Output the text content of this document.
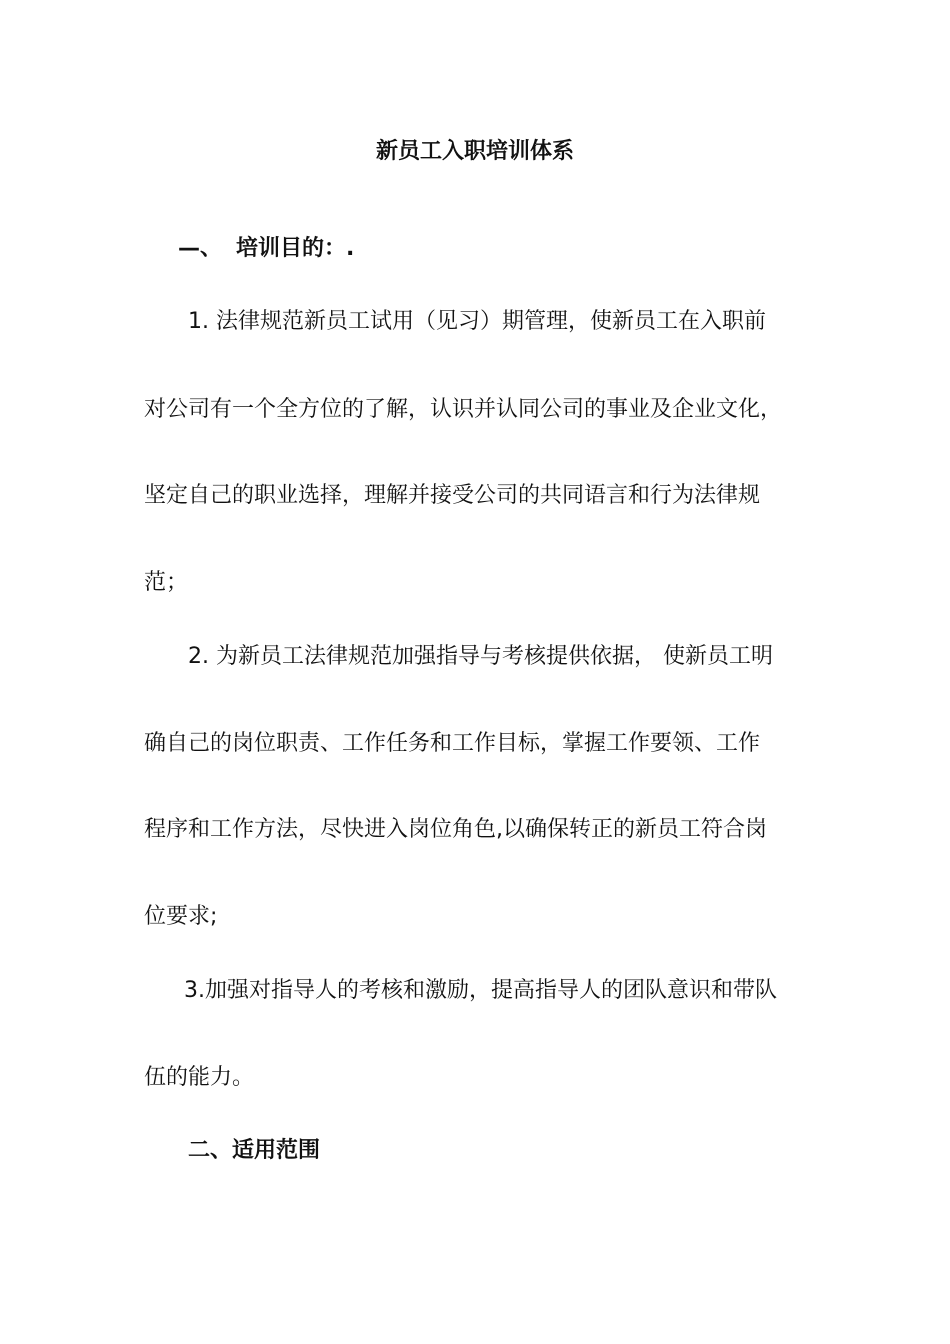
新员工入职培训体系
—、 培训目的：.
1. 法律规范新员工试用（见习）期管理，使新员工在入职前
对公司有一个全方位的了解，认识并认同公司的事业及企业文化，
坚定自己的职业选择，理解并接受公司的共同语言和行为法律规
范；
2. 为新员工法律规范加强指导与考核提供依据， 使新员工明
确自己的岗位职责、工作任务和工作目标，掌握工作要领、工作
程序和工作方法，尽快进入岗位角色,以确保转正的新员工符合岗
位要求;
3.加强对指导人的考核和激励，提高指导人的团队意识和带队
伍的能力。
二、适用范围
